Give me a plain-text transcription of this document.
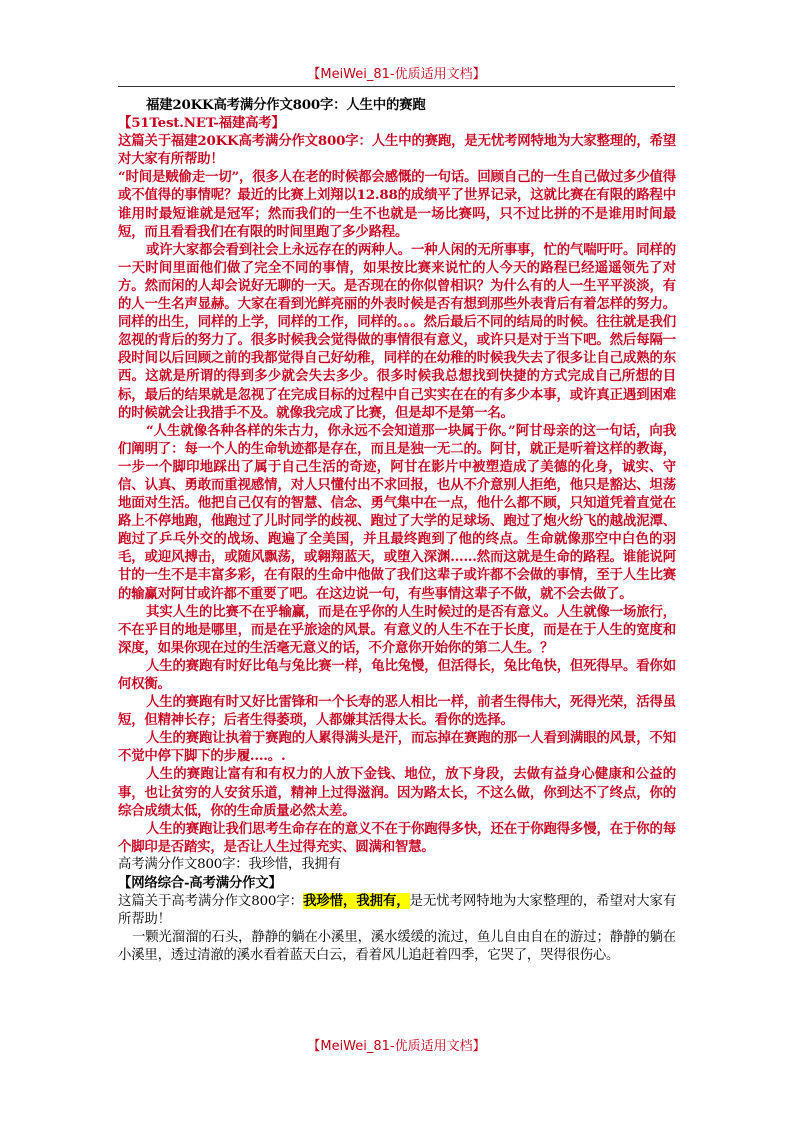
【MeiWei_81-优质适用文档】

福建20KK高考满分作文800字：人生中的赛跑

【51Test.NET-福建高考】

这篇关于福建20KK高考满分作文800字：人生中的赛跑，是无忧考网特地为大家整理的，希望对大家有所帮助！

“时间是贼偷走一切”，很多人在老的时候都会感慨的一句话。回顾自己的一生自己做过多少值得或不值得的事情呢？最近的比赛上刘翔以12.88的成绩平了世界记录，这就比赛在有限的路程中谁用时最短谁就是冠军；然而我们的一生不也就是一场比赛吗，只不过比拼的不是谁用时间最短，而且看看我们在有限的时间里跑了多少路程。

或许大家都会看到社会上永远存在的两种人。一种人闲的无所事事，忙的气喘吁吁。同样的一天时间里面他们做了完全不同的事情，如果按比赛来说忙的人今天的路程已经遥遥领先了对方。然而闲的人却会说好无聊的一天。是否现在的你似曾相识？为什么有的人一生平平淡淡，有的人一生名声显赫。大家在看到光鲜亮丽的外表时候是否有想到那些外表背后有着怎样的努力。同样的出生，同样的上学，同样的工作，同样的。。。然后最后不同的结局的时候。往往就是我们忽视的背后的努力了。很多时候我会觉得做的事情很有意义，或许只是对于当下吧。然后每隔一段时间以后回顾之前的我都觉得自己好幼稚，同样的在幼稚的时候我失去了很多让自己成熟的东西。这就是所谓的得到多少就会失去多少。很多时候我总想找到快捷的方式完成自己所想的目标，最后的结果就是忽视了在完成目标的过程中自己实实在在的有多少本事，或许真正遇到困难的时候就会让我措手不及。就像我完成了比赛，但是却不是第一名。

“人生就像各种各样的朱古力，你永远不会知道那一块属于你。”阿甘母亲的这一句话，向我们阐明了：每一个人的生命轨迹都是存在，而且是独一无二的。阿甘，就正是听着这样的教诲，一步一个脚印地踩出了属于自己生活的奇迹，阿甘在影片中被塑造成了美德的化身，诚实、守信、认真、勇敢而重视感情，对人只懂付出不求回报，也从不介意别人拒绝，他只是豁达、坦荡地面对生活。他把自己仅有的智慧、信念、勇气集中在一点，他什么都不顾，只知道凭着直觉在路上不停地跑，他跑过了儿时同学的歧视、跑过了大学的足球场、跑过了炮火纷飞的越战泥潭、跑过了乒乓外交的战场、跑遍了全美国，并且最终跑到了他的终点。生命就像那空中白色的羽毛，或迎风搏击，或随风飘荡，或翱翔蓝天，或堕入深渊……然而这就是生命的路程。谁能说阿甘的一生不是丰富多彩，在有限的生命中他做了我们这辈子或许都不会做的事情，至于人生比赛的输赢对阿甘或许都不重要了吧。在这边说一句，有些事情这辈子不做，就不会去做了。

其实人生的比赛不在乎输赢，而是在乎你的人生时候过的是否有意义。人生就像一场旅行，不在乎目的地是哪里，而是在乎旅途的风景。有意义的人生不在于长度，而是在于人生的宽度和深度，如果你现在过的生活毫无意义的话，不介意你开始你的第二人生。？

人生的赛跑有时好比龟与兔比赛一样，龟比兔慢，但活得长，兔比龟快，但死得早。看你如何权衡。

人生的赛跑有时又好比雷锋和一个长寿的恶人相比一样，前者生得伟大，死得光荣，活得虽短，但精神长存；后者生得萎琐，人都嫌其活得太长。看你的选择。

人生的赛跑让执着于赛跑的人累得满头是汗，而忘掉在赛跑的那一人看到满眼的风景，不知不觉中停下脚下的步履....。.

人生的赛跑让富有和有权力的人放下金钱、地位，放下身段，去做有益身心健康和公益的事，也让贫穷的人安贫乐道，精神上过得滋润。因为路太长，不这么做，你到达不了终点，你的综合成绩太低，你的生命质量必然太差。

人生的赛跑让我们思考生命存在的意义不在于你跑得多快，还在于你跑得多慢，在于你的每个脚印是否踏实，是否让人生过得充实、圆满和智慧。

高考满分作文800字：我珍惜，我拥有

【网络综合-高考满分作文】

这篇关于高考满分作文800字：我珍惜，我拥有，是无忧考网特地为大家整理的，希望对大家有所帮助！

一颗光溜溜的石头，静静的躺在小溪里，溪水缓缓的流过，鱼儿自由自在的游过；静静的躺在小溪里，透过清澈的溪水看着蓝天白云，看着风儿追赶着四季，它哭了，哭得很伤心。

【MeiWei_81-优质适用文档】
